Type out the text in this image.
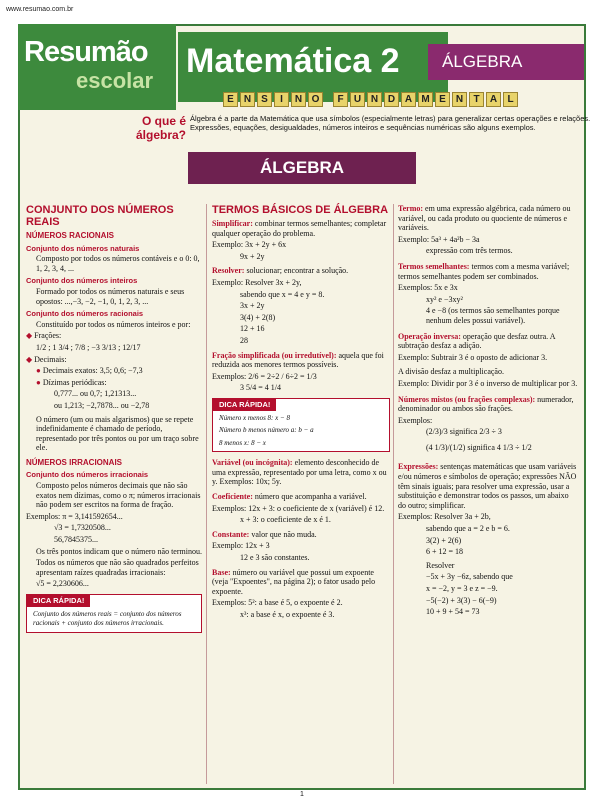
www.resumao.com.br
Resumão
escolar
Matemática 2	ÁLGEBRA
E	N	S	I	N O	F	U N D A M E	N	T	A	L
O que é álgebra?
Álgebra é a parte da Matemática que usa símbolos (especialmente letras) para generalizar certas operações e relações. Expressões, equações, desigualdades, números inteiros e sequências numéricas são alguns exemplos.
ÁLGEBRA
CONJUNTO DOS NÚMEROS REAIS
NÚMEROS RACIONAIS
Conjunto dos números naturais

Composto por todos os números contáveis e o 0: 0, 1, 2, 3, 4, ...

Conjunto dos números inteiros

Formado por todos os números naturais e seus opostos: ...,−3, −2, −1, 0, 1, 2, 3, ...

Conjunto dos números racionais

Constituído por todos os números inteiros e por:

◆ Frações:

1/2 ; 1 3/4 ; 7/8 ; −3 3/13 ; 12/17

◆ Decimais:

● Decimais exatos: 3,5; 0,6; −7,3

● Dízimas periódicas:

0,777... ou 0,7; 1,21313...

ou 1,213; −2,7878... ou −2,78

O número (um ou mais algarismos) que se repete indefinidamente é chamado de período, representado por três pontos ou por um traço sobre ele.

NÚMEROS IRRACIONAIS
Conjunto dos números irracionais

Composto pelos números decimais que não são exatos nem dízimas, como o π; números irracionais não podem ser escritos na forma de fração.

Exemplos: π = 3,141592654...

√3 = 1,7320508...

56,7845375...

Os três pontos indicam que o número não terminou.

Todos os números que não são quadrados perfeitos apresentam raízes quadradas irracionais:

√5 = 2,230606...

DICA RÁPIDA!
Conjunto dos números reais = conjunto dos números racionais + conjunto dos números irracionais.
TERMOS BÁSICOS DE ÁLGEBRA

Simplificar: combinar termos semelhantes; completar qualquer operação do problema.

Exemplo: 3x + 2y + 6x

9x + 2y

Resolver: solucionar; encontrar a solução.

Exemplo: Resolver 3x + 2y,

sabendo que x = 4 e y = 8.

3x + 2y

3(4) + 2(8)

12 + 16

28

Fração simplificada (ou irredutível): aquela que foi reduzida aos menores termos possíveis.

Exemplos: 2/6 = 2÷2 / 6÷2 = 1/3

3 5/4 = 4 1/4

DICA RÁPIDA!
Número x menos 8: x − 8
Número b menos número a: b − a
8 menos x: 8 − x

Variável (ou incógnita): elemento desconhecido de uma expressão, representado por uma letra, como x ou y. Exemplos: 10x; 5y.

Coeficiente: número que acompanha a variável.

Exemplos: 12x + 3: o coeficiente de x (variável) é 12.

x + 3: o coeficiente de x é 1.

Constante: valor que não muda.

Exemplo: 12x + 3

12 e 3 são constantes.

Base: número ou variável que possui um expoente (veja "Expoentes", na página 2); o fator usado pelo expoente.

Exemplos: 5²: a base é 5, o expoente é 2.

x³: a base é x, o expoente é 3.

Termo: em uma expressão algébrica, cada número ou variável, ou cada produto ou quociente de números e variáveis.

Exemplo: 5a³ + 4a²b − 3a

expressão com três termos.

Termos semelhantes: termos com a mesma variável; termos semelhantes podem ser combinados.

Exemplos: 5x e 3x

xy² e −3xy²

4 e −8 (os termos são semelhantes porque nenhum deles possui variável).

Operação inversa: operação que desfaz outra. A subtração desfaz a adição.

Exemplo: Subtrair 3 é o oposto de adicionar 3.

A divisão desfaz a multiplicação.

Exemplo: Dividir por 3 é o inverso de multiplicar por 3.

Números mistos (ou frações complexas): numerador, denominador ou ambos são frações.

Exemplos:

(2/3)/3 significa 2/3 ÷ 3

(4 1/3)/(1/2) significa 4 1/3 ÷ 1/2

Expressões: sentenças matemáticas que usam variáveis e/ou números e símbolos de operação; expressões NÃO têm sinais iguais; para resolver uma expressão, usar a substituição e demonstrar todos os passos, um abaixo do outro; simplificar.

Exemplos: Resolver 3a + 2b,

sabendo que a = 2 e b = 6.

3(2) + 2(6)

6 + 12 = 18

Resolver

−5x + 3y −6z, sabendo que

x = −2, y = 3 e z = −9.

−5(−2) + 3(3) − 6(−9)

10 + 9 + 54 = 73

1
